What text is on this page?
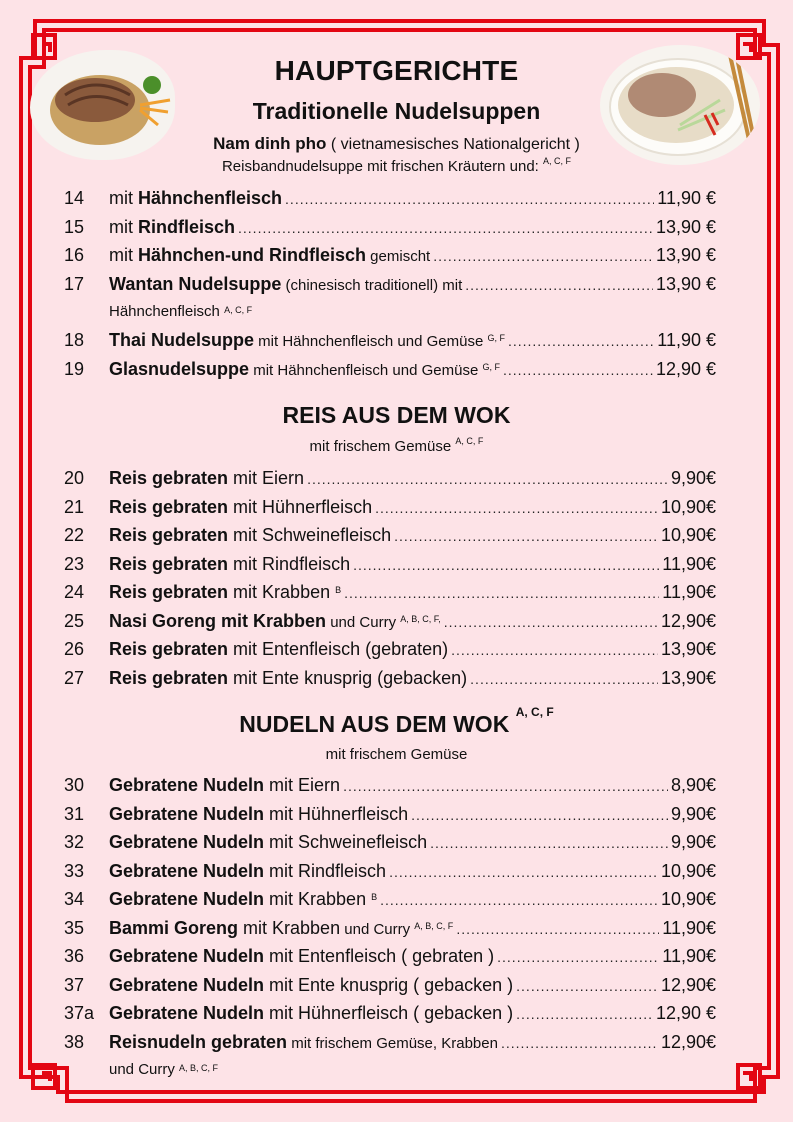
HAUPTGERICHTE
Traditionelle Nudelsuppen
Nam dinh pho ( vietnamesisches Nationalgericht )
Reisbandnudelsuppe mit frischen Kräutern und: $^{A, C, F}$
14	mit Hähnchenfleisch .....	11,90 €
15	mit Rindfleisch .....	13,90 €
16	mit Hähnchen-und Rindfleisch gemischt .....	13,90 €
17	Wantan Nudelsuppe (chinesisch traditionell) mit .....	13,90 €
Hähnchenfleisch $^{A, C, F}$
18	Thai Nudelsuppe mit Hähnchenfleisch und Gemüse $^{G, F}$ .....	11,90 €
19	Glasnudelsuppe mit Hähnchenfleisch und Gemüse $^{G, F}$ .....	12,90 €
REIS AUS DEM WOK
mit frischem Gemüse $^{A, C, F}$
20	Reis gebraten mit Eiern .....	9,90€
21	Reis gebraten mit Hühnerfleisch .....	10,90€
22	Reis gebraten mit Schweinefleisch .....	10,90€
23	Reis gebraten mit Rindfleisch .....	11,90€
24	Reis gebraten mit Krabben $^B$ .....	11,90€
25	Nasi Goreng mit Krabben und Curry $^{A, B, C, F,}$ .....	12,90€
26	Reis gebraten mit Entenfleisch (gebraten) .....	13,90€
27	Reis gebraten mit Ente knusprig (gebacken) .....	13,90€
NUDELN AUS DEM WOK $^{A, C, F}$
mit frischem Gemüse
30	Gebratene Nudeln mit Eiern .....	8,90€
31	Gebratene Nudeln mit Hühnerfleisch .....	9,90€
32	Gebratene Nudeln mit Schweinefleisch .....	9,90€
33	Gebratene Nudeln mit Rindfleisch .....	10,90€
34	Gebratene Nudeln mit Krabben $^B$ .....	10,90€
35	Bammi Goreng mit Krabben und Curry $^{A, B, C, F}$ .....	11,90€
36	Gebratene Nudeln mit Entenfleisch ( gebraten ) .....	11,90€
37	Gebratene Nudeln mit Ente knusprig ( gebacken ) .....	12,90€
37a Gebratene Nudeln mit Hühnerfleisch ( gebacken ) .....	12,90 €
38	Reisnudeln gebraten mit frischem Gemüse, Krabben .....	12,90€
und Curry $^{A, B, C, F}$
